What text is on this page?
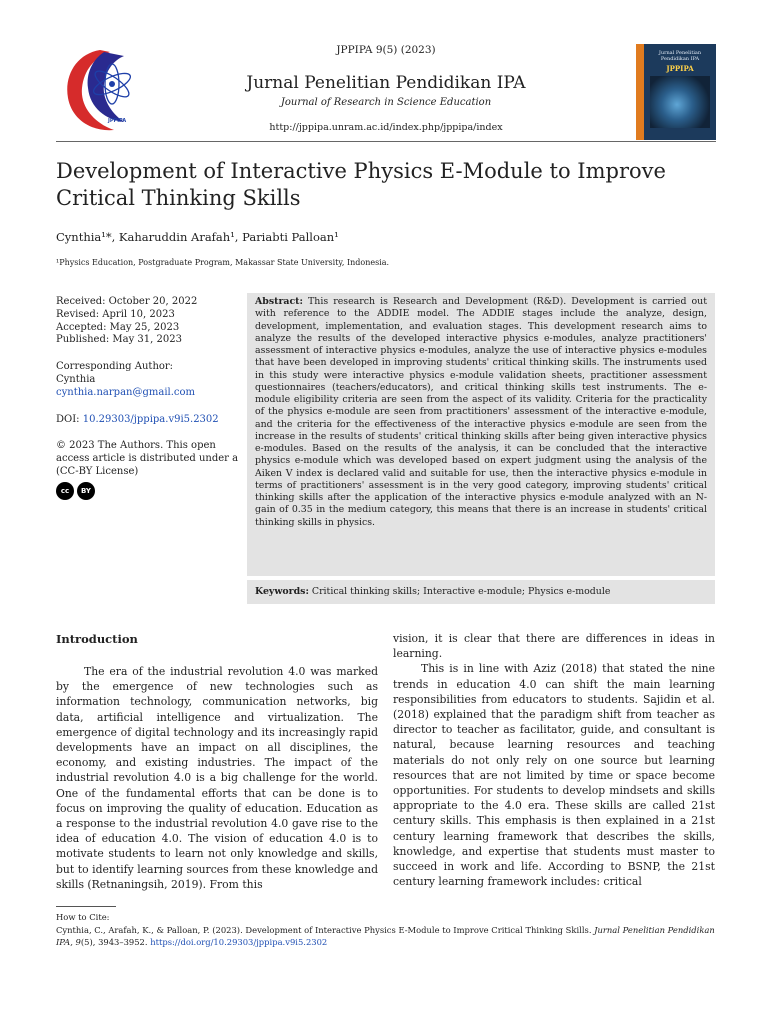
JPPIPA
JPPIPA 9(5) (2023)
Jurnal Penelitian Pendidikan IPA
Journal of Research in Science Education
http://jppipa.unram.ac.id/index.php/jppipa/index
Jurnal Penelitian Pendidikan IPA
JPPIPA
Development of Interactive Physics E-Module to Improve Critical Thinking Skills
Cynthia¹*, Kaharuddin Arafah¹, Pariabti Palloan¹
¹Physics Education, Postgraduate Program, Makassar State University, Indonesia.
Received: October 20, 2022
Revised: April 10, 2023
Accepted: May 25, 2023
Published: May 31, 2023
Corresponding Author:
Cynthia
cynthia.narpan@gmail.com
DOI: 10.29303/jppipa.v9i5.2302
© 2023 The Authors. This open access article is distributed under a (CC-BY License)
cc	BY
Abstract: This research is Research and Development (R&D). Development is carried out with reference to the ADDIE model. The ADDIE stages include the analyze, design, development, implementation, and evaluation stages. This development research aims to analyze the results of the developed interactive physics e-modules, analyze practitioners' assessment of interactive physics e-modules, analyze the use of interactive physics e-modules that have been developed in improving students' critical thinking skills. The instruments used in this study were interactive physics e-module validation sheets, practitioner assessment questionnaires (teachers/educators), and critical thinking skills test instruments. The e-module eligibility criteria are seen from the aspect of its validity. Criteria for the practicality of the physics e-module are seen from practitioners' assessment of the interactive e-module, and the criteria for the effectiveness of the interactive physics e-module are seen from the increase in the results of students' critical thinking skills after being given interactive physics e-modules. Based on the results of the analysis, it can be concluded that the interactive physics e-module which was developed based on expert judgment using the analysis of the Aiken V index is declared valid and suitable for use, then the interactive physics e-module in terms of practitioners' assessment is in the very good category, improving students' critical thinking skills after the application of the interactive physics e-module analyzed with an N-gain of 0.35 in the medium category, this means that there is an increase in students' critical thinking skills in physics.
Keywords: Critical thinking skills; Interactive e-module; Physics e-module
Introduction

The era of the industrial revolution 4.0 was marked by the emergence of new technologies such as information technology, communication networks, big data, artificial intelligence and virtualization. The emergence of digital technology and its increasingly rapid developments have an impact on all disciplines, the economy, and existing industries. The impact of the industrial revolution 4.0 is a big challenge for the world. One of the fundamental efforts that can be done is to focus on improving the quality of education. Education as a response to the industrial revolution 4.0 gave rise to the idea of education 4.0. The vision of education 4.0 is to motivate students to learn not only knowledge and skills, but to identify learning sources from these knowledge and skills (Retnaningsih, 2019). From this

vision, it is clear that there are differences in ideas in learning.

This is in line with Aziz (2018) that stated the nine trends in education 4.0 can shift the main learning responsibilities from educators to students. Sajidin et al. (2018) explained that the paradigm shift from teacher as director to teacher as facilitator, guide, and consultant is natural, because learning resources and teaching materials do not only rely on one source but learning resources that are not limited by time or space become opportunities. For students to develop mindsets and skills appropriate to the 4.0 era. These skills are called 21st century skills. This emphasis is then explained in a 21st century learning framework that describes the skills, knowledge, and expertise that students must master to succeed in work and life. According to BSNP, the 21st century learning framework includes: critical

How to Cite:
Cynthia, C., Arafah, K., & Palloan, P. (2023). Development of Interactive Physics E-Module to Improve Critical Thinking Skills. Jurnal Penelitian Pendidikan IPA, 9(5), 3943–3952. https://doi.org/10.29303/jppipa.v9i5.2302
